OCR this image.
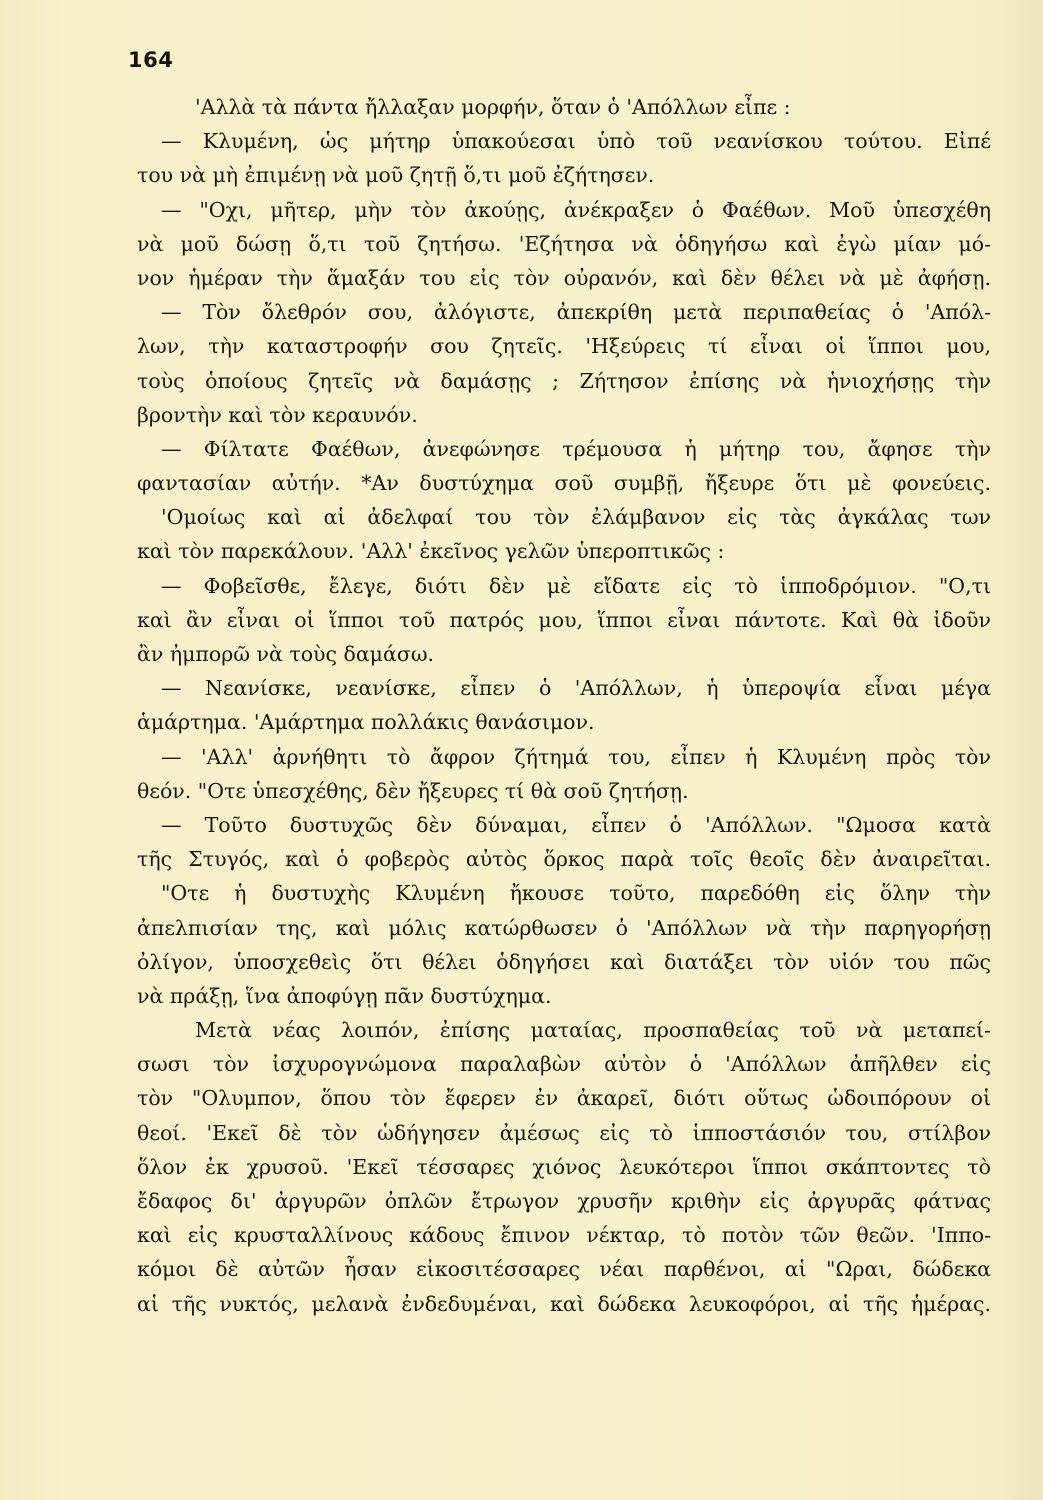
164
'Αλλὰ τὰ πάντα ἤλλαξαν μορφήν, ὅταν ὁ 'Απόλλων εἶπε :
— Κλυμένη, ὡς μήτηρ ὑπακούεσαι ὑπὸ τοῦ νεανίσκου τούτου. Εἰπέ
του νὰ μὴ ἐπιμένῃ νὰ μοῦ ζητῇ ὅ,τι μοῦ ἐζήτησεν.
— "Οχι, μῆτερ, μὴν τὸν ἀκούῃς, ἀνέκραξεν ὁ Φαέθων. Μοῦ ὑπεσχέθη
νὰ μοῦ δώσῃ ὅ,τι τοῦ ζητήσω. 'Εζήτησα νὰ ὁδηγήσω καὶ ἐγὼ μίαν μό-
νον ἡμέραν τὴν ἅμαξάν του εἰς τὸν οὐρανόν, καὶ δὲν θέλει νὰ μὲ ἀφήσῃ.
— Τὸν ὄλεθρόν σου, ἀλόγιστε, ἀπεκρίθη μετὰ περιπαθείας ὁ 'Απόλ-
λων, τὴν καταστροφήν σου ζητεῖς. 'Ηξεύρεις τί εἶναι οἱ ἵπποι μου,
τοὺς ὁποίους ζητεῖς νὰ δαμάσῃς ; Ζήτησον ἐπίσης νὰ ἡνιοχήσῃς τὴν
βροντὴν καὶ τὸν κεραυνόν.
— Φίλτατε Φαέθων, ἀνεφώνησε τρέμουσα ἡ μήτηρ του, ἄφησε τὴν
φαντασίαν αὐτήν. *Αν δυστύχημα σοῦ συμβῇ, ἤξευρε ὅτι μὲ φονεύεις.
'Ομοίως καὶ αἱ ἀδελφαί του τὸν ἐλάμβανον εἰς τὰς ἀγκάλας των
καὶ τὸν παρεκάλουν. 'Αλλ' ἐκεῖνος γελῶν ὑπεροπτικῶς :
— Φοβεῖσθε, ἔλεγε, διότι δὲν μὲ εἴδατε εἰς τὸ ἱπποδρόμιον. "Ο,τι
καὶ ἂν εἶναι οἱ ἵπποι τοῦ πατρός μου, ἵπποι εἶναι πάντοτε. Καὶ θὰ ἰδοῦν
ἂν ἠμπορῶ νὰ τοὺς δαμάσω.
— Νεανίσκε, νεανίσκε, εἶπεν ὁ 'Απόλλων, ἡ ὑπεροψία εἶναι μέγα
ἁμάρτημα. 'Αμάρτημα πολλάκις θανάσιμον.
— 'Αλλ' ἀρνήθητι τὸ ἄφρον ζήτημά του, εἶπεν ἡ Κλυμένη πρὸς τὸν
θεόν. "Οτε ὑπεσχέθης, δὲν ἤξευρες τί θὰ σοῦ ζητήσῃ.
— Τοῦτο δυστυχῶς δὲν δύναμαι, εἶπεν ὁ 'Απόλλων. "Ωμοσα κατὰ
τῆς Στυγός, καὶ ὁ φοβερὸς αὐτὸς ὅρκος παρὰ τοῖς θεοῖς δὲν ἀναιρεῖται.
"Οτε ἡ δυστυχὴς Κλυμένη ἤκουσε τοῦτο, παρεδόθη εἰς ὅλην τὴν
ἀπελπισίαν της, καὶ μόλις κατώρθωσεν ὁ 'Απόλλων νὰ τὴν παρηγορήσῃ
ὀλίγον, ὑποσχεθεὶς ὅτι θέλει ὁδηγήσει καὶ διατάξει τὸν υἱόν του πῶς
νὰ πράξῃ, ἵνα ἀποφύγῃ πᾶν δυστύχημα.
Μετὰ νέας λοιπόν, ἐπίσης ματαίας, προσπαθείας τοῦ νὰ μεταπεί-
σωσι τὸν ἰσχυρογνώμονα παραλαβὼν αὐτὸν ὁ 'Απόλλων ἀπῆλθεν εἰς
τὸν "Ολυμπον, ὅπου τὸν ἔφερεν ἐν ἀκαρεῖ, διότι οὕτως ὡδοιπόρουν οἱ
θεοί. 'Εκεῖ δὲ τὸν ὡδήγησεν ἀμέσως εἰς τὸ ἱπποστάσιόν του, στίλβον
ὅλον ἐκ χρυσοῦ. 'Εκεῖ τέσσαρες χιόνος λευκότεροι ἵπποι σκάπτοντες τὸ
ἔδαφος δι' ἀργυρῶν ὀπλῶν ἔτρωγον χρυσῆν κριθὴν εἰς ἀργυρᾶς φάτνας
καὶ εἰς κρυσταλλίνους κάδους ἔπινον νέκταρ, τὸ ποτὸν τῶν θεῶν. 'Ιππο-
κόμοι δὲ αὐτῶν ἦσαν εἰκοσιτέσσαρες νέαι παρθένοι, αἱ "Ωραι, δώδεκα
αἱ τῆς νυκτός, μελανὰ ἐνδεδυμέναι, καὶ δώδεκα λευκοφόροι, αἱ τῆς ἡμέρας.
